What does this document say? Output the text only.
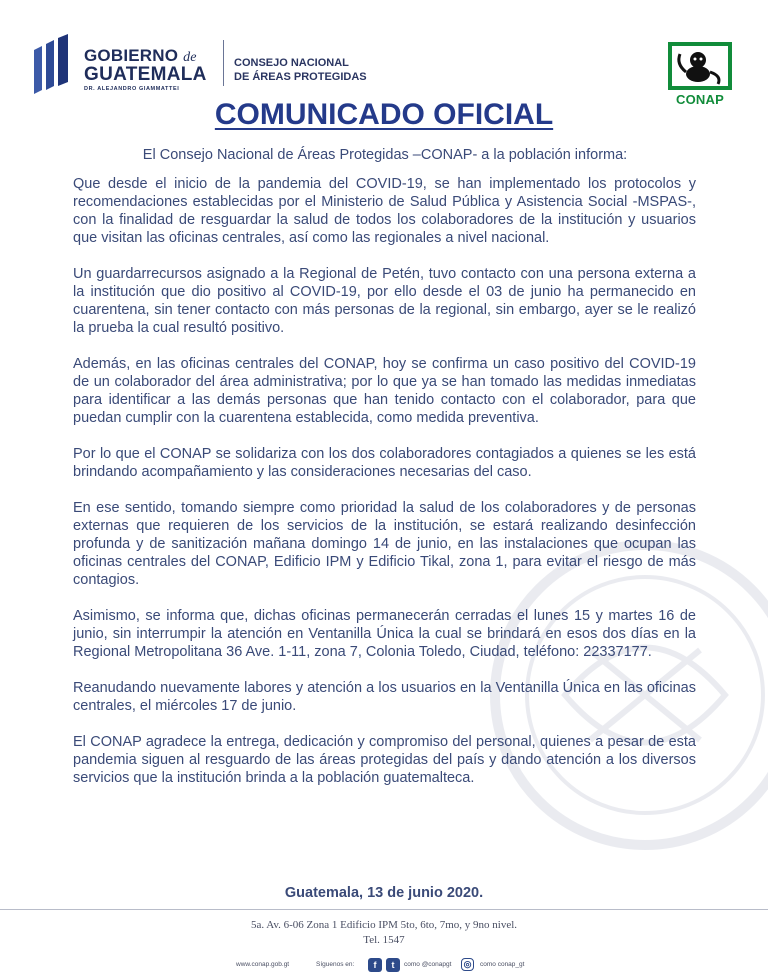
GOBIERNO de
GUATEMALA
DR. ALEJANDRO GIAMMATTEI
CONSEJO NACIONAL
DE ÁREAS PROTEGIDAS
CONAP
COMUNICADO OFICIAL
El Consejo Nacional de Áreas Protegidas –CONAP- a la población informa:

Que desde el inicio de la pandemia del COVID-19, se han implementado los protocolos y recomendaciones establecidas por el Ministerio de Salud Pública y Asistencia Social -MSPAS-, con la finalidad de resguardar la salud de todos los colaboradores de la institución y usuarios que visitan las oficinas centrales, así como las regionales a nivel nacional.

Un guardarrecursos asignado a la Regional de Petén, tuvo contacto con una persona externa a la institución que dio positivo al COVID-19, por ello desde el 03 de junio ha permanecido en cuarentena, sin tener contacto con más personas de la regional, sin embargo, ayer se le realizó la prueba la cual resultó positivo.

Además, en las oficinas centrales del CONAP, hoy se confirma un caso positivo del COVID-19 de un colaborador del área administrativa; por lo que ya se han tomado las medidas inmediatas para identificar a las demás personas que han tenido contacto con el colaborador, para que puedan cumplir con la cuarentena establecida, como medida preventiva.

Por lo que el CONAP se solidariza con los dos colaboradores contagiados a quienes se les está brindando acompañamiento y las consideraciones necesarias del caso.

En ese sentido, tomando siempre como prioridad la salud de los colaboradores y de personas externas que requieren de los servicios de la institución, se estará realizando desinfección profunda y de sanitización mañana domingo 14 de junio, en las instalaciones que ocupan las oficinas centrales del CONAP, Edificio IPM y Edificio Tikal, zona 1, para evitar el riesgo de más contagios.

Asimismo, se informa que, dichas oficinas permanecerán cerradas el lunes 15 y martes 16 de junio, sin interrumpir la atención en Ventanilla Única la cual se brindará en esos dos días en la Regional Metropolitana 36 Ave. 1-11, zona 7, Colonia Toledo, Ciudad, teléfono: 22337177.

Reanudando nuevamente labores y atención a los usuarios en la Ventanilla Única en las oficinas centrales, el miércoles 17 de junio.

El CONAP agradece la entrega, dedicación y compromiso del personal, quienes a pesar de esta pandemia siguen al resguardo de las áreas protegidas del país y dando atención a los diversos servicios que la institución brinda a la población guatemalteca.

Guatemala, 13 de junio 2020.
5a. Av. 6-06 Zona 1 Edificio IPM 5to, 6to, 7mo, y 9no nivel.
Tel. 1547
www.conap.gob.gt	Síguenos en:	f	t	como @conapgt ◎	como conap_gt
